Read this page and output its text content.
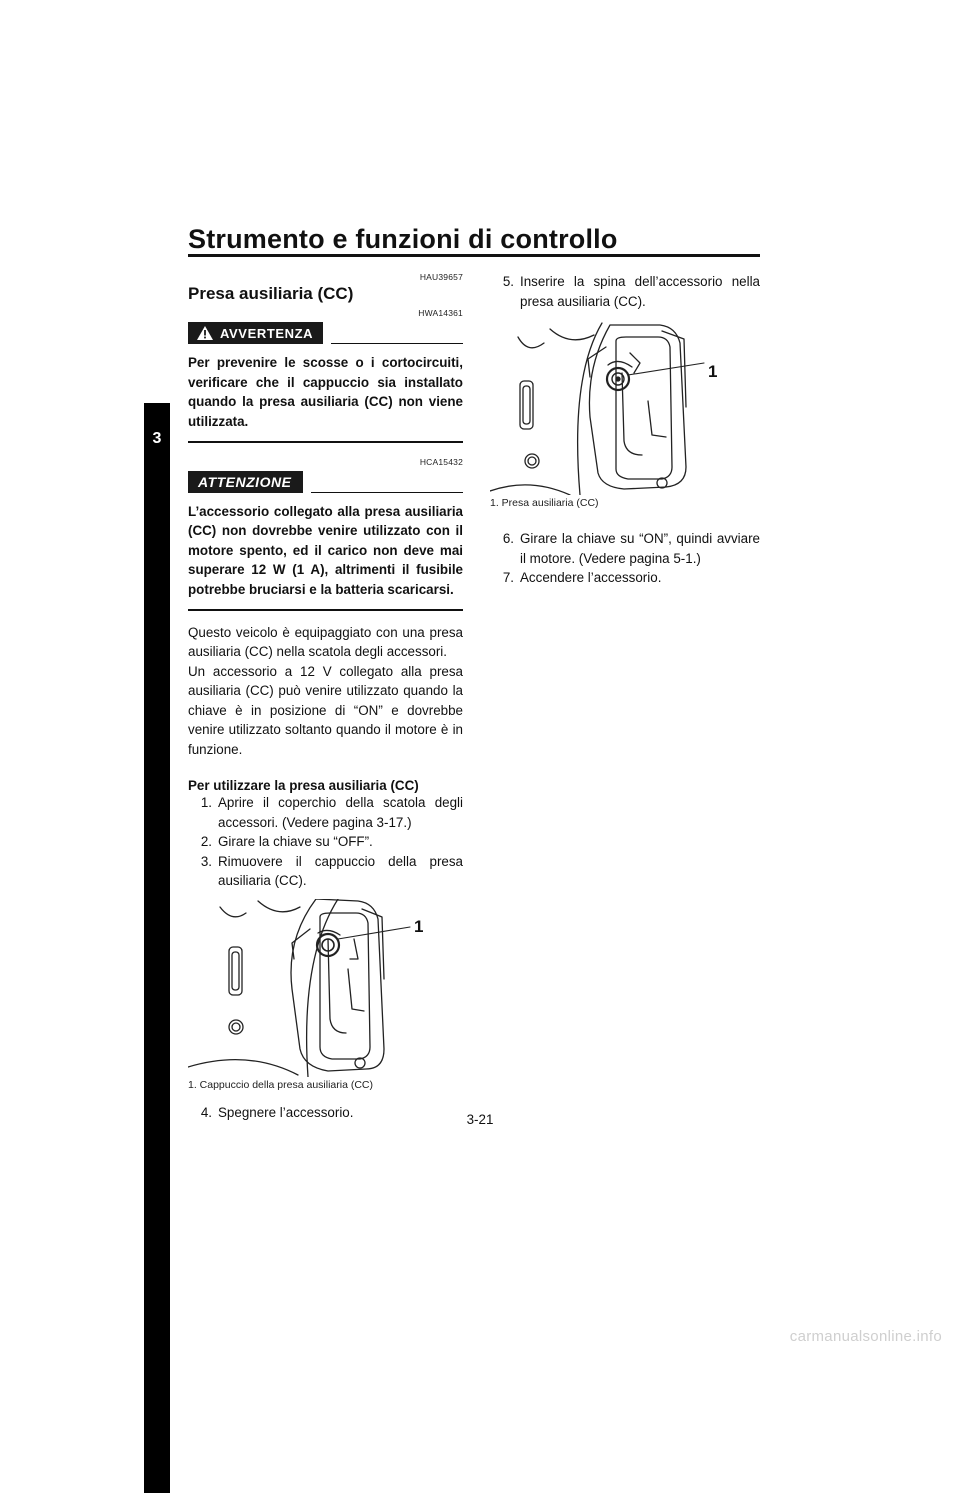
Strumento e funzioni di controllo
3
HAU39657
Presa ausiliaria (CC)
HWA14361
AVVERTENZA

Per prevenire le scosse o i cortocircuiti, verificare che il cappuccio sia installato quando la presa ausiliaria (CC) non viene utilizzata.

HCA15432
ATTENZIONE

L’accessorio collegato alla presa ausiliaria (CC) non dovrebbe venire utilizzato con il motore spento, ed il carico non deve mai superare 12 W (1 A), altrimenti il fusibile potrebbe bruciarsi e la batteria scaricarsi.

Questo veicolo è equipaggiato con una presa ausiliaria (CC) nella scatola degli accessori.

Un accessorio a 12 V collegato alla presa ausiliaria (CC) può venire utilizzato quando la chiave è in posizione di “ON” e dovrebbe venire utilizzato soltanto quando il motore è in funzione.

Per utilizzare la presa ausiliaria (CC)

1. Aprire il coperchio della scatola degli accessori. (Vedere pagina 3-17.)
2. Girare la chiave su “OFF”.
3. Rimuovere il cappuccio della presa ausiliaria (CC).
1
1. Cappuccio della presa ausiliaria (CC)
4. Spegnere l’accessorio.
5. Inserire la spina dell’accessorio nella presa ausiliaria (CC).
1
1. Presa ausiliaria (CC)
6. Girare la chiave su “ON”, quindi avviare il motore. (Vedere pagina 5-1.)
7. Accendere l’accessorio.
3-21
carmanualsonline.info
